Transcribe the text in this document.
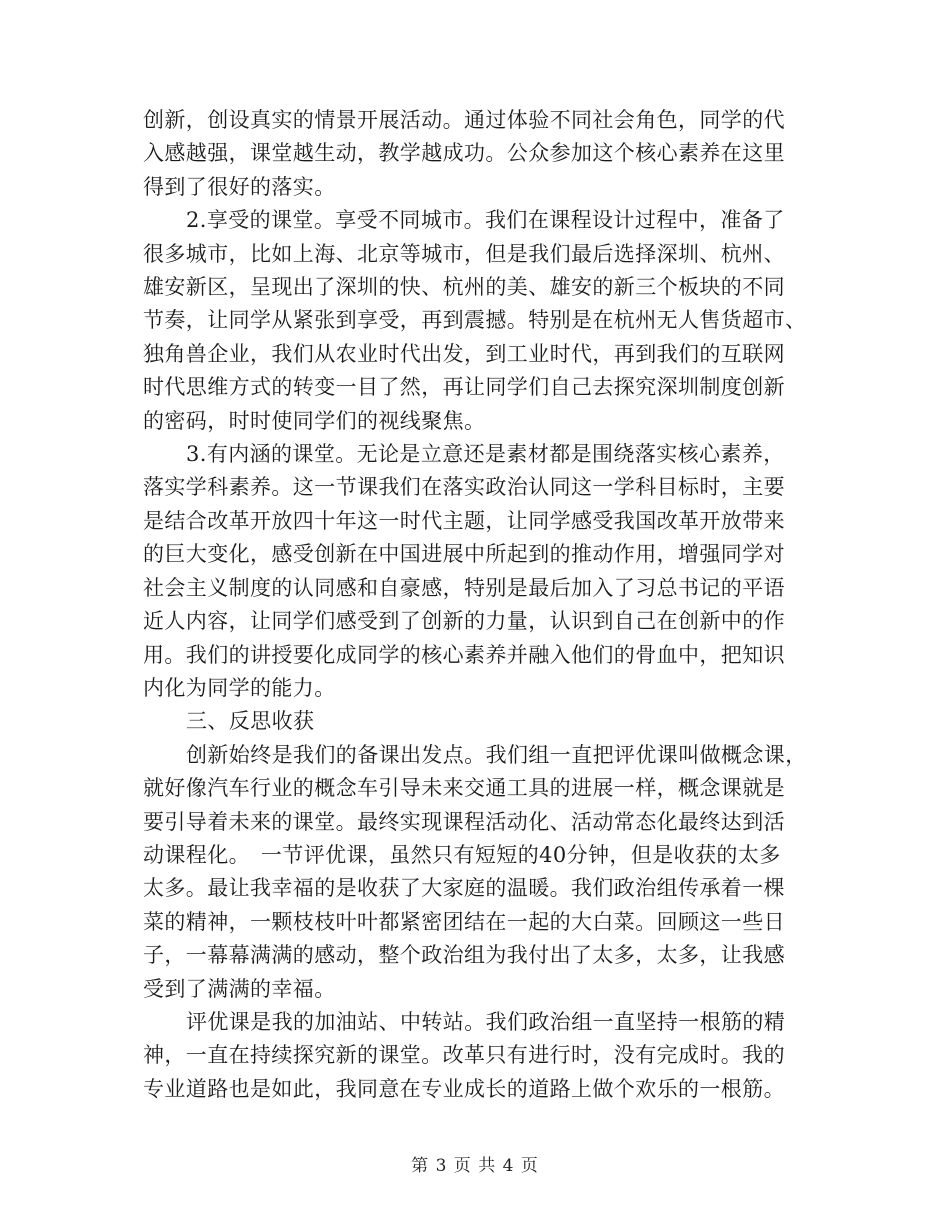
创新，创设真实的情景开展活动。通过体验不同社会角色，同学的代
入感越强，课堂越生动，教学越成功。公众参加这个核心素养在这里
得到了很好的落实。

2.享受的课堂。享受不同城市。我们在课程设计过程中，准备了
很多城市，比如上海、北京等城市，但是我们最后选择深圳、杭州、
雄安新区，呈现出了深圳的快、杭州的美、雄安的新三个板块的不同
节奏，让同学从紧张到享受，再到震撼。特别是在杭州无人售货超市、
独角兽企业，我们从农业时代出发，到工业时代，再到我们的互联网
时代思维方式的转变一目了然，再让同学们自己去探究深圳制度创新
的密码，时时使同学们的视线聚焦。

3.有内涵的课堂。无论是立意还是素材都是围绕落实核心素养，
落实学科素养。这一节课我们在落实政治认同这一学科目标时，主要
是结合改革开放四十年这一时代主题，让同学感受我国改革开放带来
的巨大变化，感受创新在中国进展中所起到的推动作用，增强同学对
社会主义制度的认同感和自豪感，特别是最后加入了习总书记的平语
近人内容，让同学们感受到了创新的力量，认识到自己在创新中的作
用。我们的讲授要化成同学的核心素养并融入他们的骨血中，把知识
内化为同学的能力。

三、反思收获

创新始终是我们的备课出发点。我们组一直把评优课叫做概念课，
就好像汽车行业的概念车引导未来交通工具的进展一样，概念课就是
要引导着未来的课堂。最终实现课程活动化、活动常态化最终达到活
动课程化。　一节评优课，虽然只有短短的40分钟，但是收获的太多
太多。最让我幸福的是收获了大家庭的温暖。我们政治组传承着一棵
菜的精神，一颗枝枝叶叶都紧密团结在一起的大白菜。回顾这一些日
子，一幕幕满满的感动，整个政治组为我付出了太多，太多，让我感
受到了满满的幸福。

评优课是我的加油站、中转站。我们政治组一直坚持一根筋的精
神，一直在持续探究新的课堂。改革只有进行时，没有完成时。我的
专业道路也是如此，我同意在专业成长的道路上做个欢乐的一根筋。

第 3 页 共 4 页
